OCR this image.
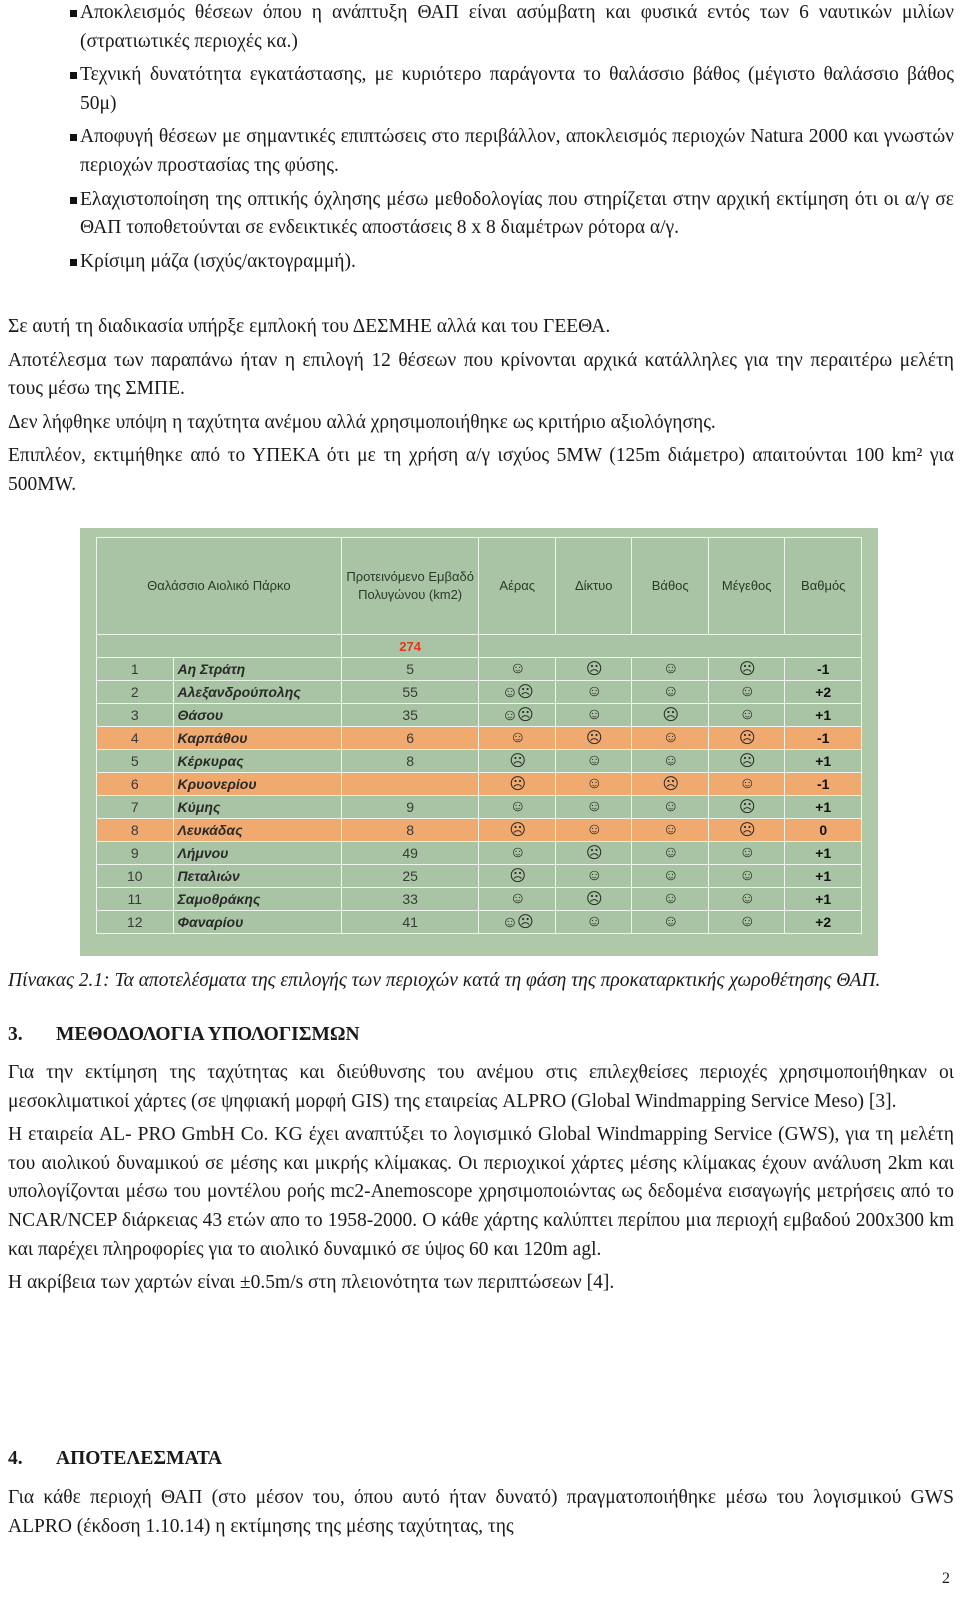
Αποκλεισμός θέσεων όπου η ανάπτυξη ΘΑΠ είναι ασύμβατη και φυσικά εντός των 6 ναυτικών μιλίων (στρατιωτικές περιοχές κα.)
Τεχνική δυνατότητα εγκατάστασης, με κυριότερο παράγοντα το θαλάσσιο βάθος (μέγιστο θαλάσσιο βάθος 50μ)
Αποφυγή θέσεων με σημαντικές επιπτώσεις στο περιβάλλον, αποκλεισμός περιοχών Natura 2000 και γνωστών περιοχών προστασίας της φύσης.
Ελαχιστοποίηση της οπτικής όχλησης μέσω μεθοδολογίας που στηρίζεται στην αρχική εκτίμηση ότι οι α/γ σε ΘΑΠ τοποθετούνται σε ενδεικτικές αποστάσεις 8 x 8 διαμέτρων ρότορα α/γ.
Κρίσιμη μάζα (ισχύς/ακτογραμμή).

Σε αυτή τη διαδικασία υπήρξε εμπλοκή του ΔΕΣΜΗΕ αλλά και του ΓΕΕΘΑ.

Αποτέλεσμα των παραπάνω ήταν η επιλογή 12 θέσεων που κρίνονται αρχικά κατάλληλες για την περαιτέρω μελέτη τους μέσω της ΣΜΠΕ.

Δεν λήφθηκε υπόψη η ταχύτητα ανέμου αλλά χρησιμοποιήθηκε ως κριτήριο αξιολόγησης.

Επιπλέον, εκτιμήθηκε από το ΥΠΕΚΑ ότι με τη χρήση α/γ ισχύος 5MW (125m διάμετρο) απαιτούνται 100 km² για 500MW.

Θαλάσσιο Αιολικό Πάρκο		Προτεινόμενο Εμβαδό Πολυγώνου (km2)	Αέρας	Δίκτυο	Βάθος	Μέγεθος	Βαθμός
		274					
1	Αη Στράτη	5	☺	☹	☺	☹	-1
2	Αλεξανδρούπολης	55	☺☹	☺	☺	☺	+2
3	Θάσου	35	☺☹	☺	☹	☺	+1
4	Καρπάθου	6	☺	☹	☺	☹	-1
5	Κέρκυρας	8	☹	☺	☺	☹	+1
6	Κρυονερίου		☹	☺	☹	☺	-1
7	Κύμης	9	☺	☺	☺	☹	+1
8	Λευκάδας	8	☹	☺	☺	☹	0
9	Λήμνου	49	☺	☹	☺	☺	+1
10	Πεταλιών	25	☹	☺	☺	☺	+1
11	Σαμοθράκης	33	☺	☹	☺	☺	+1
12	Φαναρίου	41	☺☹	☺	☺	☺	+2

Πίνακας 2.1: Τα αποτελέσματα της επιλογής των περιοχών κατά τη φάση της προκαταρκτικής χωροθέτησης ΘΑΠ.

3. ΜΕΘΟΔΟΛΟΓΙΑ ΥΠΟΛΟΓΙΣΜΩΝ

Για την εκτίμηση της ταχύτητας και διεύθυνσης του ανέμου στις επιλεχθείσες περιοχές χρησιμοποιήθηκαν οι μεσοκλιματικοί χάρτες (σε ψηφιακή μορφή GIS) της εταιρείας ALPRO (Global Windmapping Service Meso) [3].

Η εταιρεία AL- PRO GmbH Co. KG έχει αναπτύξει το λογισμικό Global Windmapping Service (GWS), για τη μελέτη του αιολικού δυναμικού σε μέσης και μικρής κλίμακας. Οι περιοχικοί χάρτες μέσης κλίμακας έχουν ανάλυση 2km και υπολογίζονται μέσω του μοντέλου ροής mc2-Anemoscope χρησιμοποιώντας ως δεδομένα εισαγωγής μετρήσεις από το NCAR/NCEP διάρκειας 43 ετών απο το 1958-2000. Ο κάθε χάρτης καλύπτει περίπου μια περιοχή εμβαδού 200x300 km και παρέχει πληροφορίες για το αιολικό δυναμικό σε ύψος 60 και 120m agl.

Η ακρίβεια των χαρτών είναι ±0.5m/s στη πλειονότητα των περιπτώσεων [4].

4. ΑΠΟΤΕΛΕΣΜΑΤΑ

Για κάθε περιοχή ΘΑΠ (στο μέσον του, όπου αυτό ήταν δυνατό) πραγματοποιήθηκε μέσω του λογισμικού GWS ALPRO (έκδοση 1.10.14) η εκτίμησης της μέσης ταχύτητας, της

2
